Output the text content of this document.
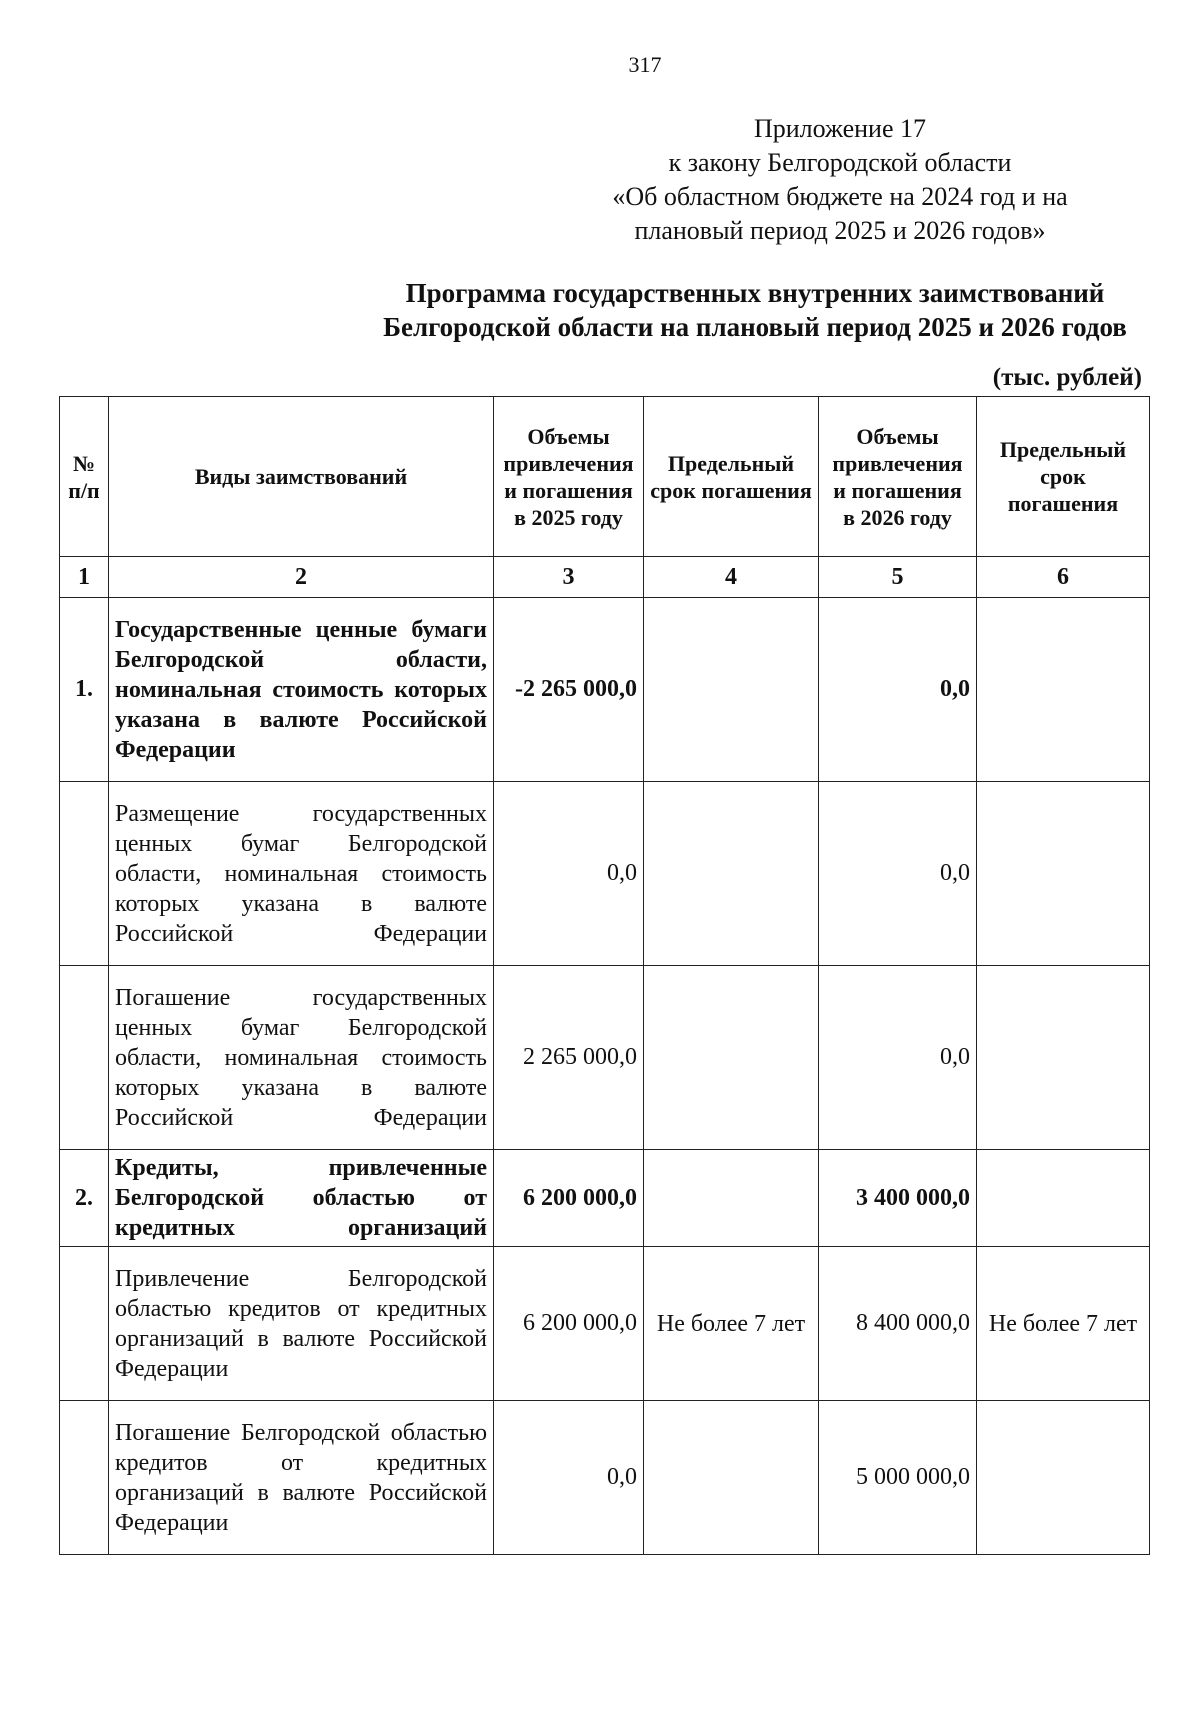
317
Приложение 17
к закону Белгородской области
«Об областном бюджете на 2024 год и на
плановый период 2025 и 2026 годов»
Программа государственных внутренних заимствований
Белгородской области на плановый период 2025 и 2026 годов
(тыс. рублей)
№ п/п	Виды заимствований	Объемы привлечения и погашения в 2025 году	Предельный срок погашения	Объемы привлечения и погашения в 2026 году	Предельный срок погашения
1	2	3	4	5	6
1.	Государственные ценные бумаги Белгородской области, номинальная стоимость которых указана в валюте Российской Федерации	-2 265 000,0		0,0	
	Размещение государственных ценных бумаг Белгородской области, номинальная стоимость которых указана в валюте Российской Федерации	0,0		0,0	
	Погашение государственных ценных бумаг Белгородской области, номинальная стоимость которых указана в валюте Российской Федерации	2 265 000,0		0,0	
2.	Кредиты, привлеченные Белгородской областью от кредитных организаций	6 200 000,0		3 400 000,0	
	Привлечение Белгородской областью кредитов от кредитных организаций в валюте Российской Федерации	6 200 000,0	Не более 7 лет	8 400 000,0	Не более 7 лет
	Погашение Белгородской областью кредитов от кредитных организаций в валюте Российской Федерации	0,0		5 000 000,0	
